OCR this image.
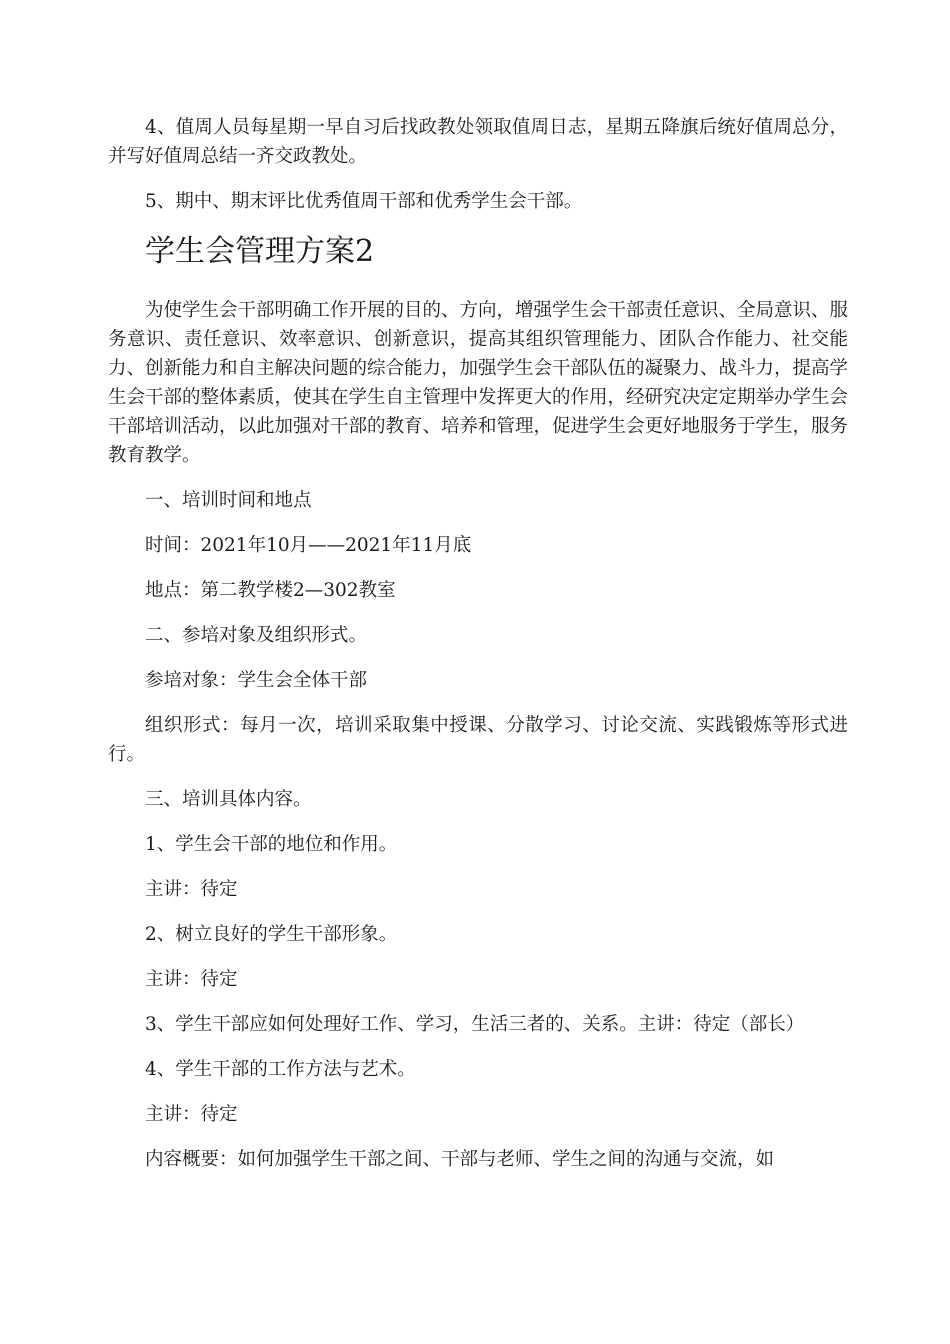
4、值周人员每星期一早自习后找政教处领取值周日志，星期五降旗后统好值周总分，并写好值周总结一齐交政教处。

5、期中、期末评比优秀值周干部和优秀学生会干部。

学生会管理方案2

为使学生会干部明确工作开展的目的、方向，增强学生会干部责任意识、全局意识、服务意识、责任意识、效率意识、创新意识，提高其组织管理能力、团队合作能力、社交能力、创新能力和自主解决问题的综合能力，加强学生会干部队伍的凝聚力、战斗力，提高学生会干部的整体素质，使其在学生自主管理中发挥更大的作用，经研究决定定期举办学生会干部培训活动，以此加强对干部的教育、培养和管理，促进学生会更好地服务于学生，服务教育教学。

一、培训时间和地点

时间：2021年10月——2021年11月底

地点：第二教学楼2—302教室

二、参培对象及组织形式。

参培对象：学生会全体干部

组织形式：每月一次，培训采取集中授课、分散学习、讨论交流、实践锻炼等形式进行。

三、培训具体内容。

1、学生会干部的地位和作用。

主讲：待定

2、树立良好的学生干部形象。

主讲：待定

3、学生干部应如何处理好工作、学习，生活三者的、关系。主讲：待定（部长）

4、学生干部的工作方法与艺术。

主讲：待定

内容概要：如何加强学生干部之间、干部与老师、学生之间的沟通与交流，如
